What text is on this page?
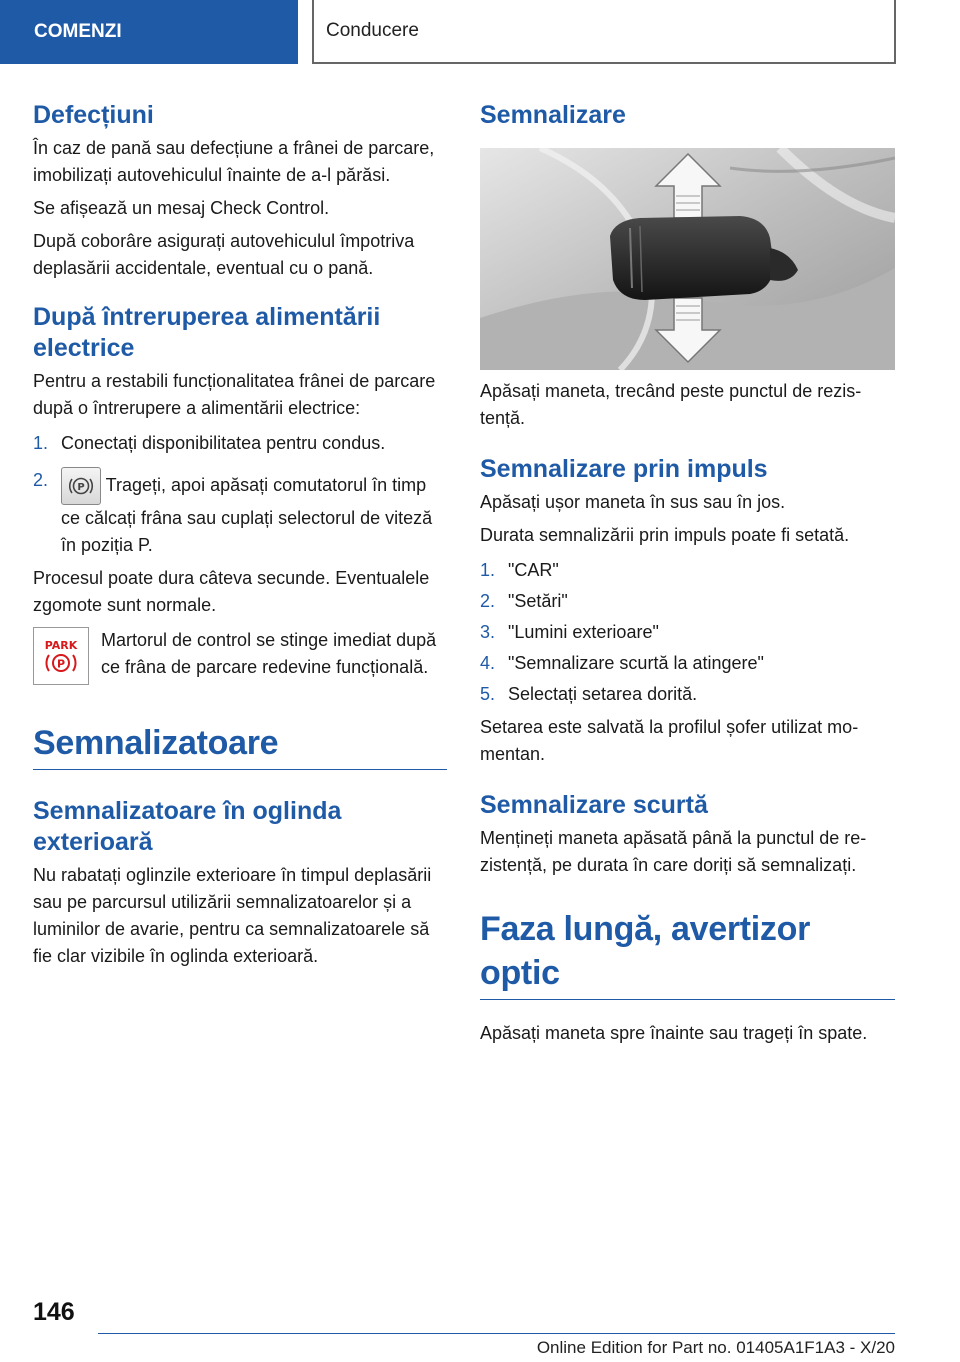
COMENZI	Conducere
Defecțiuni

În caz de pană sau defecțiune a frânei de parcare, imobilizați autovehiculul înainte de a-l părăsi.

Se afișează un mesaj Check Control.

După coborâre asigurați autovehiculul împotriva deplasării accidentale, eventual cu o pană.

După întreruperea alimentării electrice

Pentru a restabili funcționalitatea frânei de parcare după o întrerupere a alimentării electrice:

1. Conectați disponibilitatea pentru condus.
2.	P Trageți, apoi apăsați comutatorul în timp ce călcați frâna sau cuplați selectorul de viteză în poziția P.

Procesul poate dura câteva secunde. Eventualele zgomote sunt normale.

PARK
P

Martorul de control se stinge imediat după ce frâna de parcare redevine funcțională.

Semnalizatoare
Semnalizatoare în oglinda exterioară

Nu rabatați oglinzile exterioare în timpul deplasării sau pe parcursul utilizării semnalizatoarelor și a luminilor de avarie, pentru ca semnalizatoarele să fie clar vizibile în oglinda exterioară.

Semnalizare

Apăsați maneta, trecând peste punctul de rezistență.

Semnalizare prin impuls

Apăsați ușor maneta în sus sau în jos.

Durata semnalizării prin impuls poate fi setată.

1. "CAR"
2. "Setări"
3. "Lumini exterioare"
4. "Semnalizare scurtă la atingere"
5. Selectați setarea dorită.

Setarea este salvată la profilul șofer utilizat momentan.

Semnalizare scurtă

Mențineți maneta apăsată până la punctul de rezistență, pe durata în care doriți să semnalizați.

Faza lungă, avertizor optic

Apăsați maneta spre înainte sau trageți în spate.

146
Online Edition for Part no. 01405A1F1A3 - X/20
